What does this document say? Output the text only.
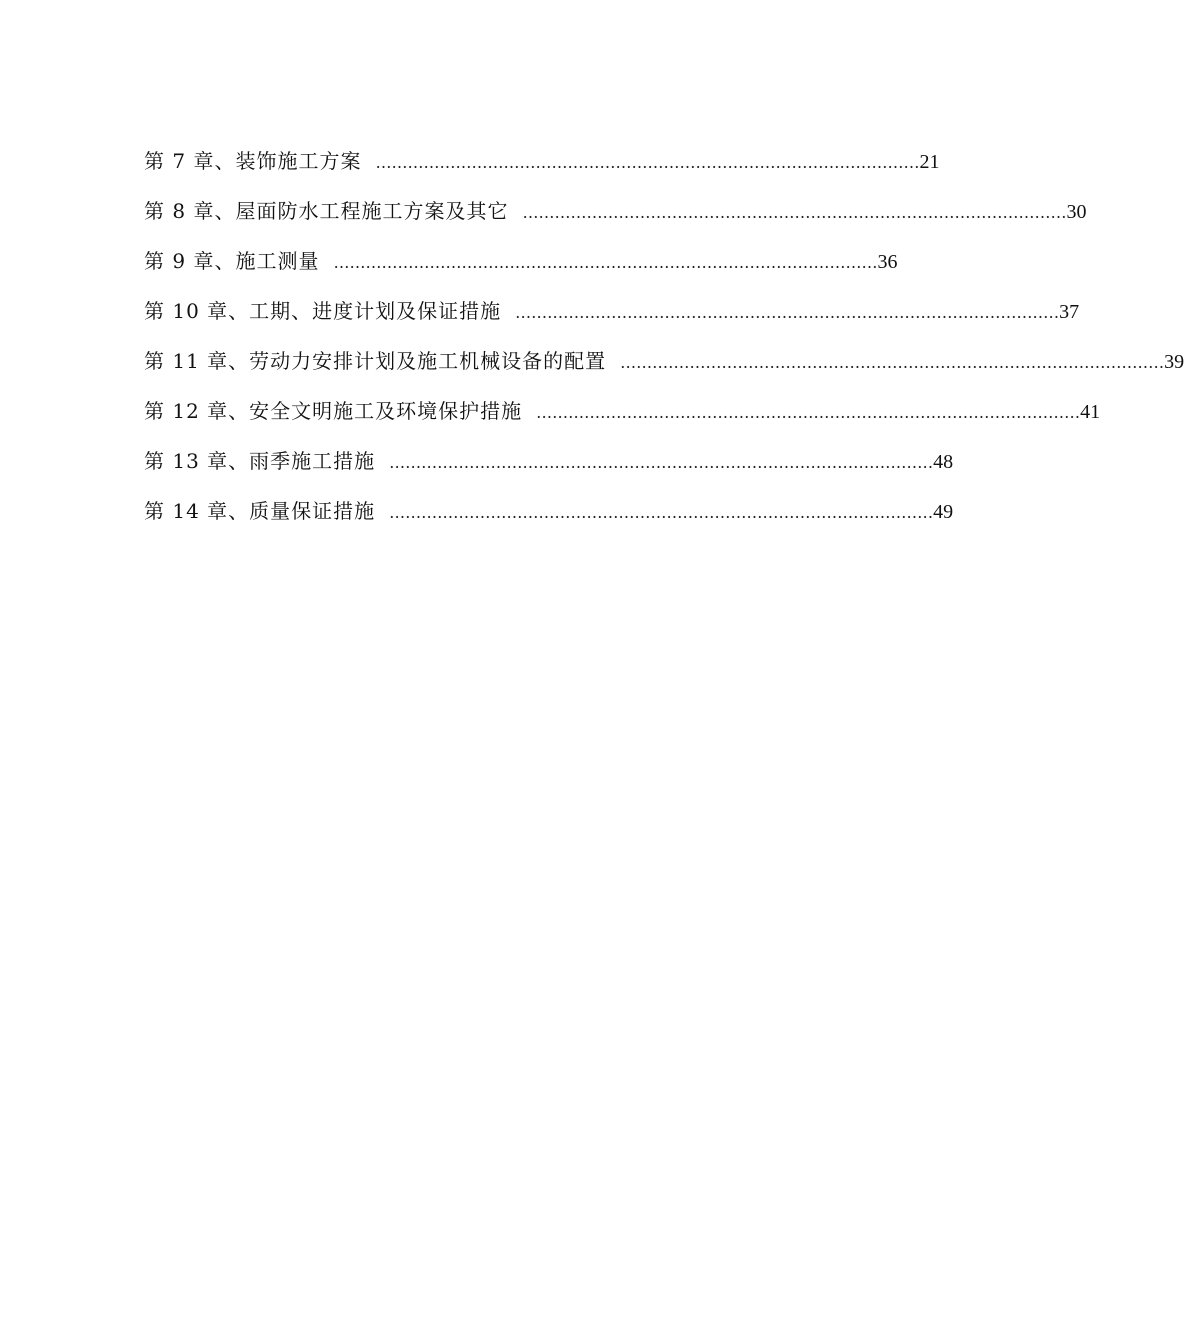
第 7 章、装饰施工方案 ………………………………………………………………………………………… 21
第 8 章、屋面防水工程施工方案及其它 ………………………………………………………………………………………… 30
第 9 章、施工测量 ………………………………………………………………………………………… 36
第 10 章、工期、进度计划及保证措施 ………………………………………………………………………………………… 37
第 11 章、劳动力安排计划及施工机械设备的配置 ………………………………………………………………………………………… 39
第 12 章、安全文明施工及环境保护措施 ………………………………………………………………………………………… 41
第 13 章、雨季施工措施 ………………………………………………………………………………………… 48
第 14 章、质量保证措施 ………………………………………………………………………………………… 49
